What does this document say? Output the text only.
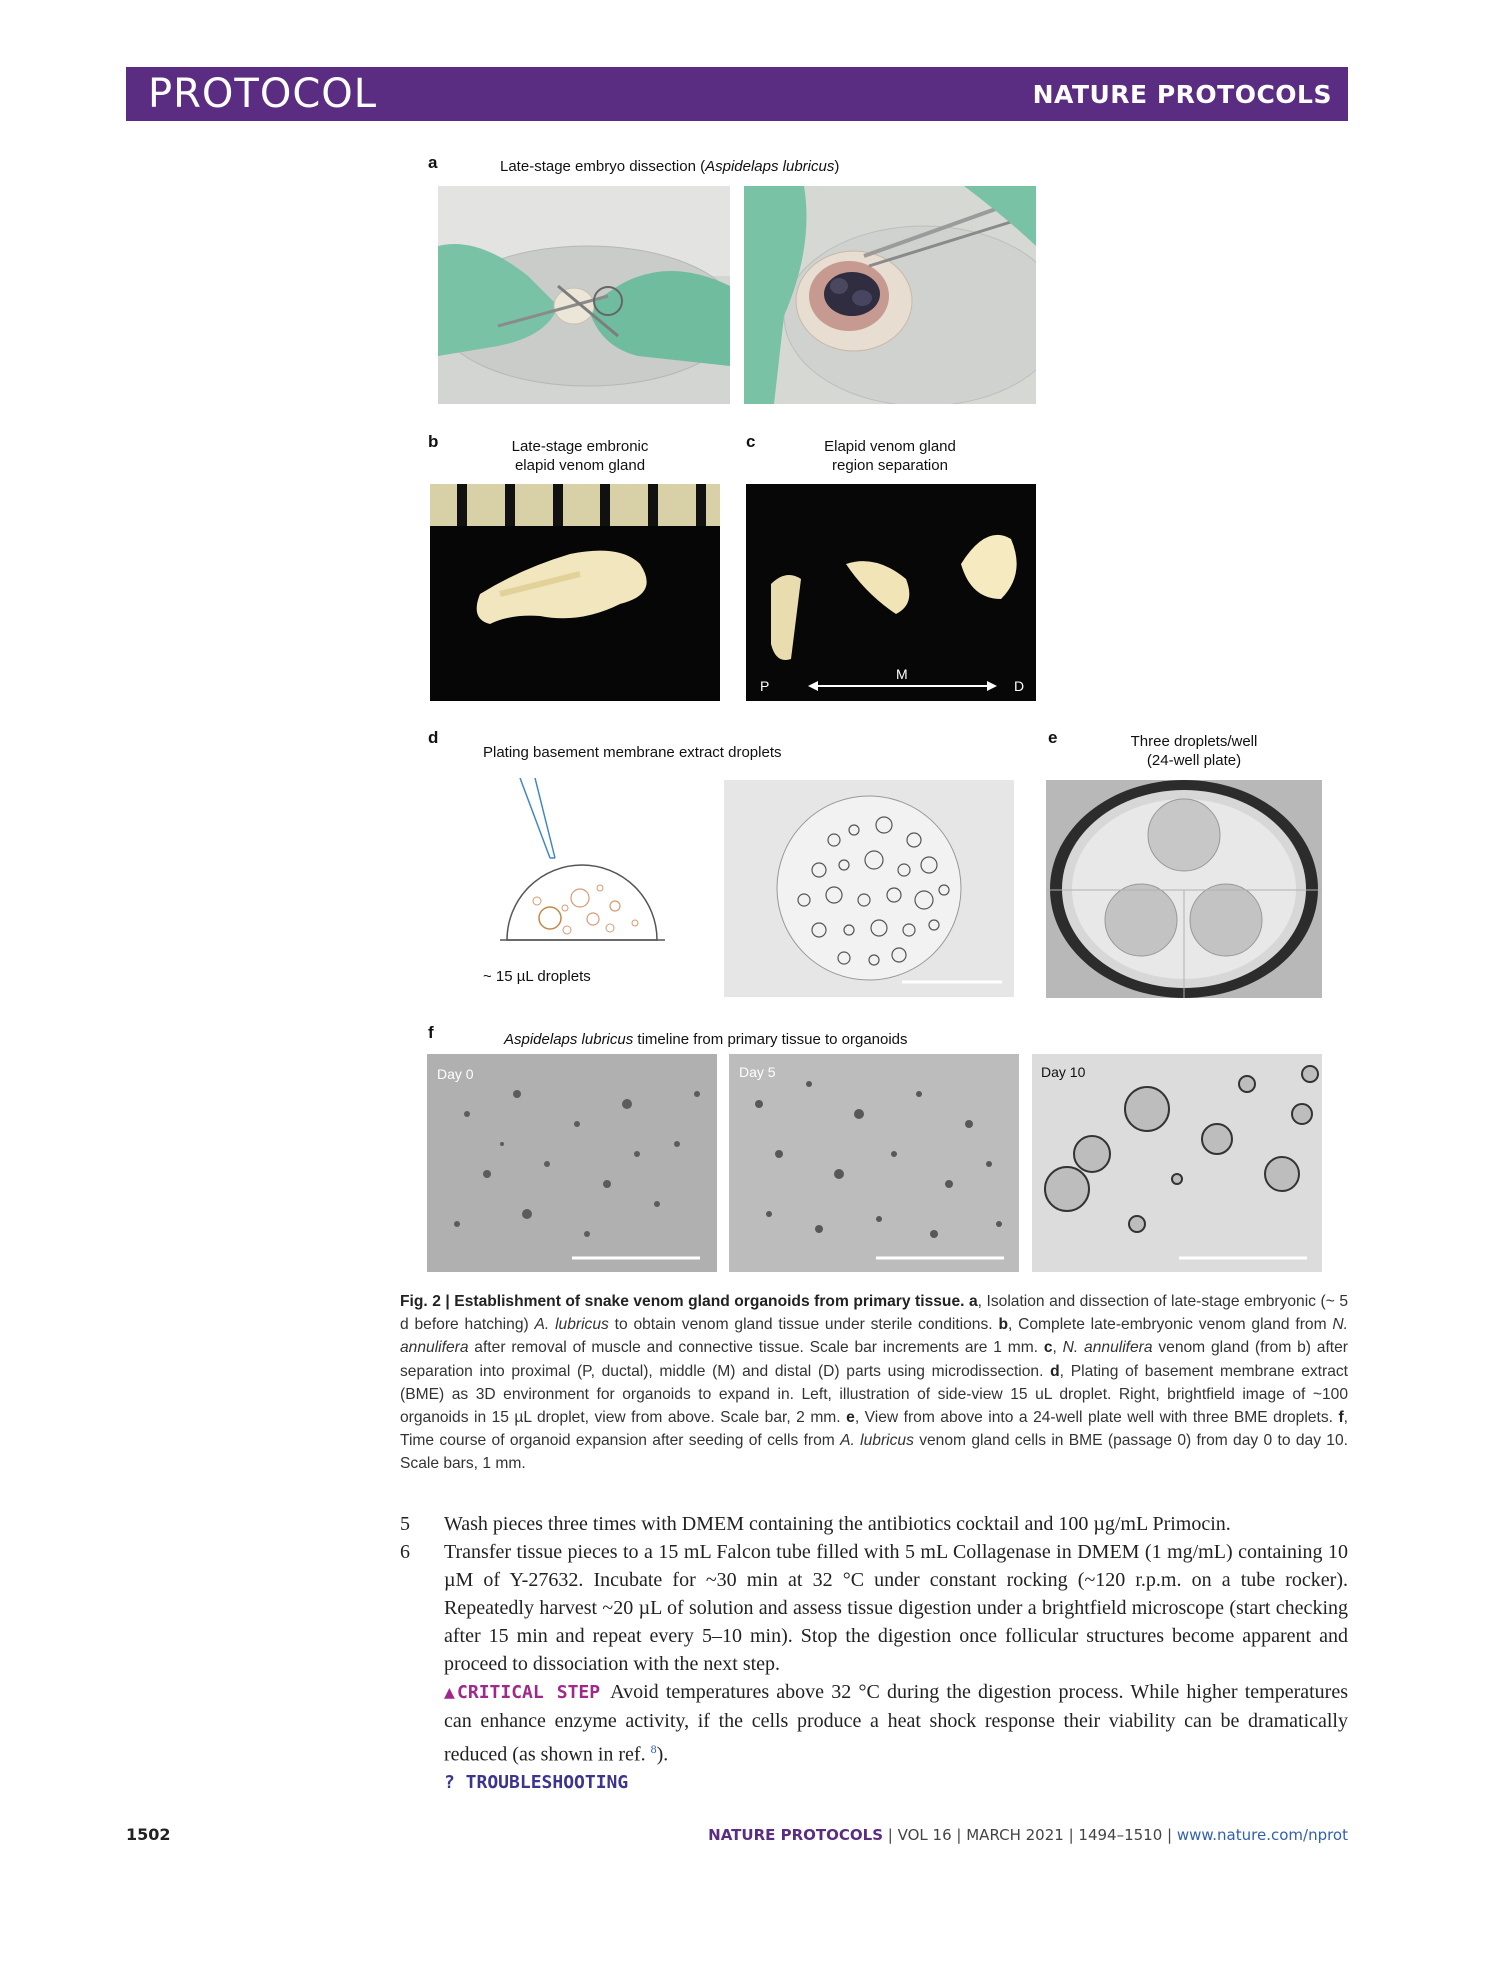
PROTOCOL	NATURE PROTOCOLS
a	Late-stage embryo dissection (Aspidelaps lubricus)
b	Late-stage embronic
elapid venom gland
c	Elapid venom gland
region separation
P
M
D
d
Plating basement membrane extract droplets
~ 15 µL droplets
e	Three droplets/well
(24-well plate)
f	Aspidelaps lubricus timeline from primary tissue to organoids
Day 0	Day 5	Day 10
Fig. 2 | Establishment of snake venom gland organoids from primary tissue. a, Isolation and dissection of late-stage embryonic (~ 5 d before hatching) A. lubricus to obtain venom gland tissue under sterile conditions. b, Complete late-embryonic venom gland from N. annulifera after removal of muscle and connective tissue. Scale bar increments are 1 mm. c, N. annulifera venom gland (from b) after separation into proximal (P, ductal), middle (M) and distal (D) parts using microdissection. d, Plating of basement membrane extract (BME) as 3D environment for organoids to expand in. Left, illustration of side-view 15 uL droplet. Right, brightfield image of ~100 organoids in 15 µL droplet, view from above. Scale bar, 2 mm. e, View from above into a 24-well plate well with three BME droplets. f, Time course of organoid expansion after seeding of cells from A. lubricus venom gland cells in BME (passage 0) from day 0 to day 10. Scale bars, 1 mm.
5 Wash pieces three times with DMEM containing the antibiotics cocktail and 100 µg/mL Primocin.
6 Transfer tissue pieces to a 15 mL Falcon tube filled with 5 mL Collagenase in DMEM (1 mg/mL) containing 10 µM of Y-27632. Incubate for ~30 min at 32 °C under constant rocking (~120 r.p.m. on a tube rocker). Repeatedly harvest ~20 µL of solution and assess tissue digestion under a brightfield microscope (start checking after 15 min and repeat every 5–10 min). Stop the digestion once follicular structures become apparent and proceed to dissociation with the next step.
▲CRITICAL STEP Avoid temperatures above 32 °C during the digestion process. While higher temperatures can enhance enzyme activity, if the cells produce a heat shock response their viability can be dramatically reduced (as shown in ref. $^8$).
? TROUBLESHOOTING
1502	NATURE PROTOCOLS | VOL 16 | MARCH 2021 | 1494–1510 | www.nature.com/nprot
